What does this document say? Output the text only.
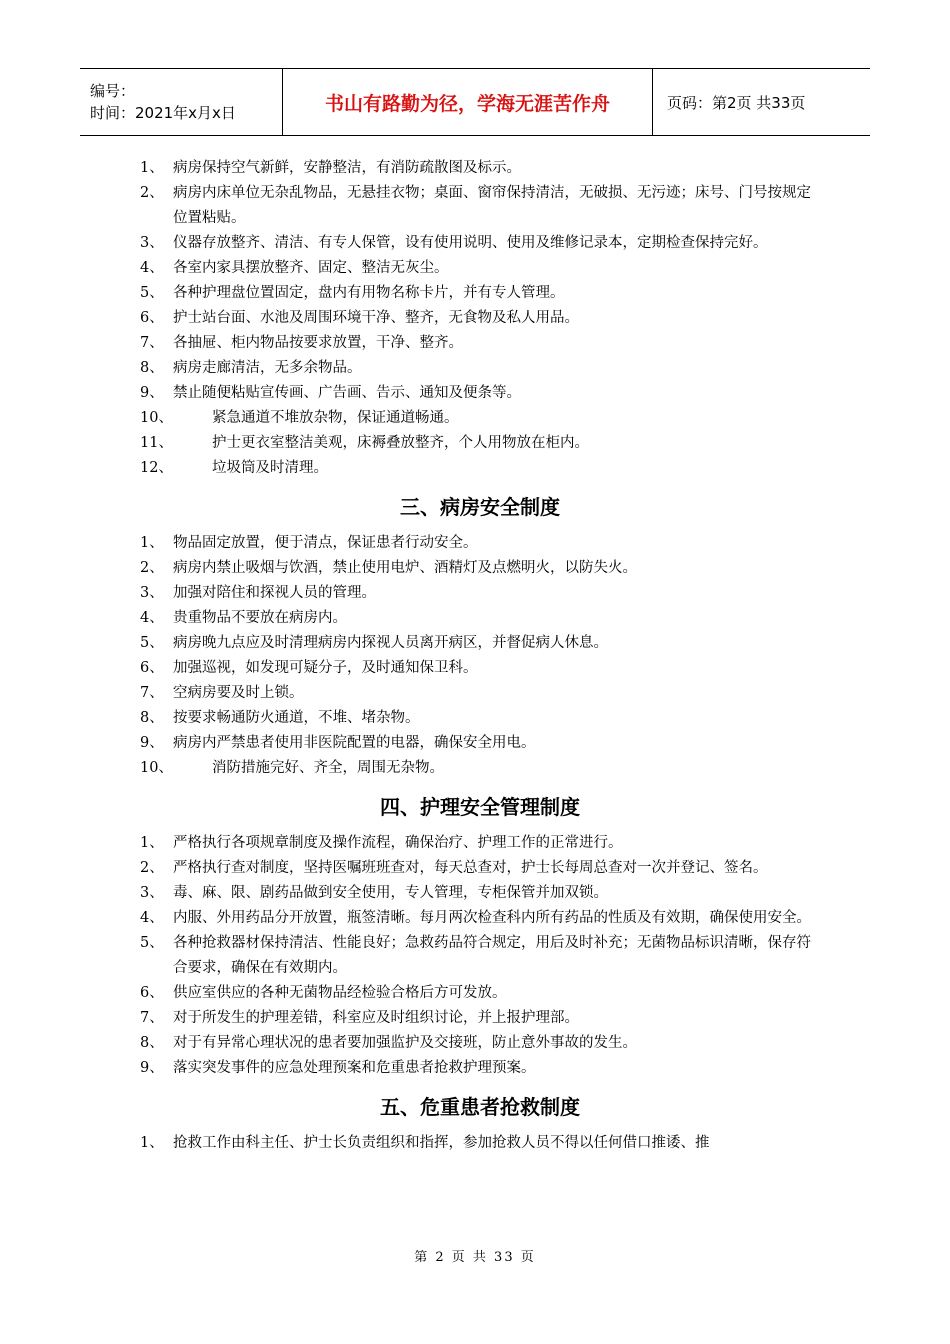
编号：
时间：2021年x月x日	书山有路勤为径，学海无涯苦作舟	页码：第2页 共33页
1、 病房保持空气新鲜，安静整洁，有消防疏散图及标示。
2、 病房内床单位无杂乱物品，无悬挂衣物；桌面、窗帘保持清洁，无破损、无污迹；床号、门号按规定位置粘贴。
3、 仪器存放整齐、清洁、有专人保管，设有使用说明、使用及维修记录本，定期检查保持完好。
4、 各室内家具摆放整齐、固定、整洁无灰尘。
5、 各种护理盘位置固定，盘内有用物名称卡片，并有专人管理。
6、 护士站台面、水池及周围环境干净、整齐，无食物及私人用品。
7、 各抽屉、柜内物品按要求放置，干净、整齐。
8、 病房走廊清洁，无多余物品。
9、 禁止随便粘贴宣传画、广告画、告示、通知及便条等。
10、	紧急通道不堆放杂物，保证通道畅通。
11、	护士更衣室整洁美观，床褥叠放整齐，个人用物放在柜内。
12、	垃圾筒及时清理。
三、病房安全制度
1、 物品固定放置，便于清点，保证患者行动安全。
2、 病房内禁止吸烟与饮酒，禁止使用电炉、酒精灯及点燃明火，以防失火。
3、 加强对陪住和探视人员的管理。
4、 贵重物品不要放在病房内。
5、 病房晚九点应及时清理病房内探视人员离开病区，并督促病人休息。
6、 加强巡视，如发现可疑分子，及时通知保卫科。
7、 空病房要及时上锁。
8、 按要求畅通防火通道，不堆、堵杂物。
9、 病房内严禁患者使用非医院配置的电器，确保安全用电。
10、	消防措施完好、齐全，周围无杂物。
四、护理安全管理制度
1、 严格执行各项规章制度及操作流程，确保治疗、护理工作的正常进行。
2、 严格执行查对制度，坚持医嘱班班查对，每天总查对，护士长每周总查对一次并登记、签名。
3、 毒、麻、限、剧药品做到安全使用，专人管理，专柜保管并加双锁。
4、 内服、外用药品分开放置，瓶签清晰。每月两次检查科内所有药品的性质及有效期，确保使用安全。
5、 各种抢救器材保持清洁、性能良好；急救药品符合规定，用后及时补充；无菌物品标识清晰，保存符合要求，确保在有效期内。
6、 供应室供应的各种无菌物品经检验合格后方可发放。
7、 对于所发生的护理差错，科室应及时组织讨论，并上报护理部。
8、 对于有异常心理状况的患者要加强监护及交接班，防止意外事故的发生。
9、 落实突发事件的应急处理预案和危重患者抢救护理预案。
五、危重患者抢救制度
1、 抢救工作由科主任、护士长负责组织和指挥，参加抢救人员不得以任何借口推诿、推
第 2 页 共 33 页
